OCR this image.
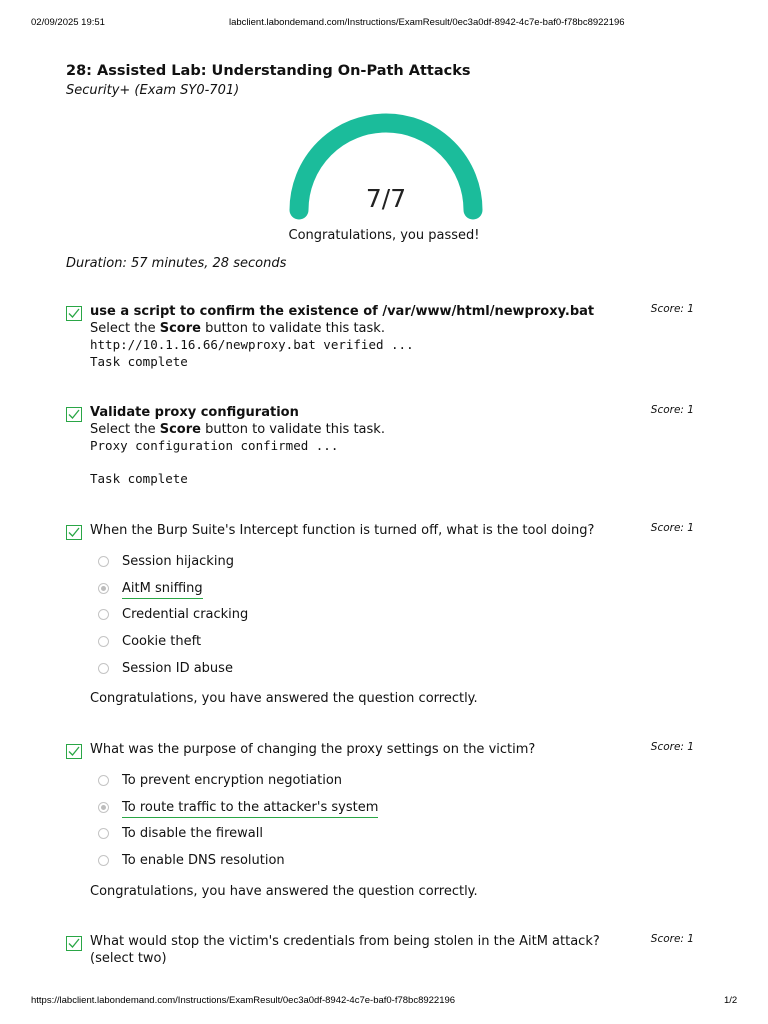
02/09/2025 19:51	labclient.labondemand.com/Instructions/ExamResult/0ec3a0df-8942-4c7e-baf0-f78bc8922196
28: Assisted Lab: Understanding On-Path Attacks
Security+ (Exam SY0-701)
7/7
Congratulations, you passed!
Duration: 57 minutes, 28 seconds
use a script to confirm the existence of /var/www/html/newproxy.bat
Select the Score button to validate this task.
http://10.1.16.66/newproxy.bat verified ...
Task complete
Score: 1
Validate proxy configuration
Select the Score button to validate this task.
Proxy configuration confirmed ...

Task complete
Score: 1
When the Burp Suite's Intercept function is turned off, what is the tool doing?
Session hijacking
AitM sniffing
Credential cracking
Cookie theft
Session ID abuse
Congratulations, you have answered the question correctly.
Score: 1
What was the purpose of changing the proxy settings on the victim?
To prevent encryption negotiation
To route traffic to the attacker's system
To disable the firewall
To enable DNS resolution
Congratulations, you have answered the question correctly.
Score: 1
What would stop the victim's credentials from being stolen in the AitM attack? (select two)
Score: 1
https://labclient.labondemand.com/Instructions/ExamResult/0ec3a0df-8942-4c7e-baf0-f78bc8922196	1/2
